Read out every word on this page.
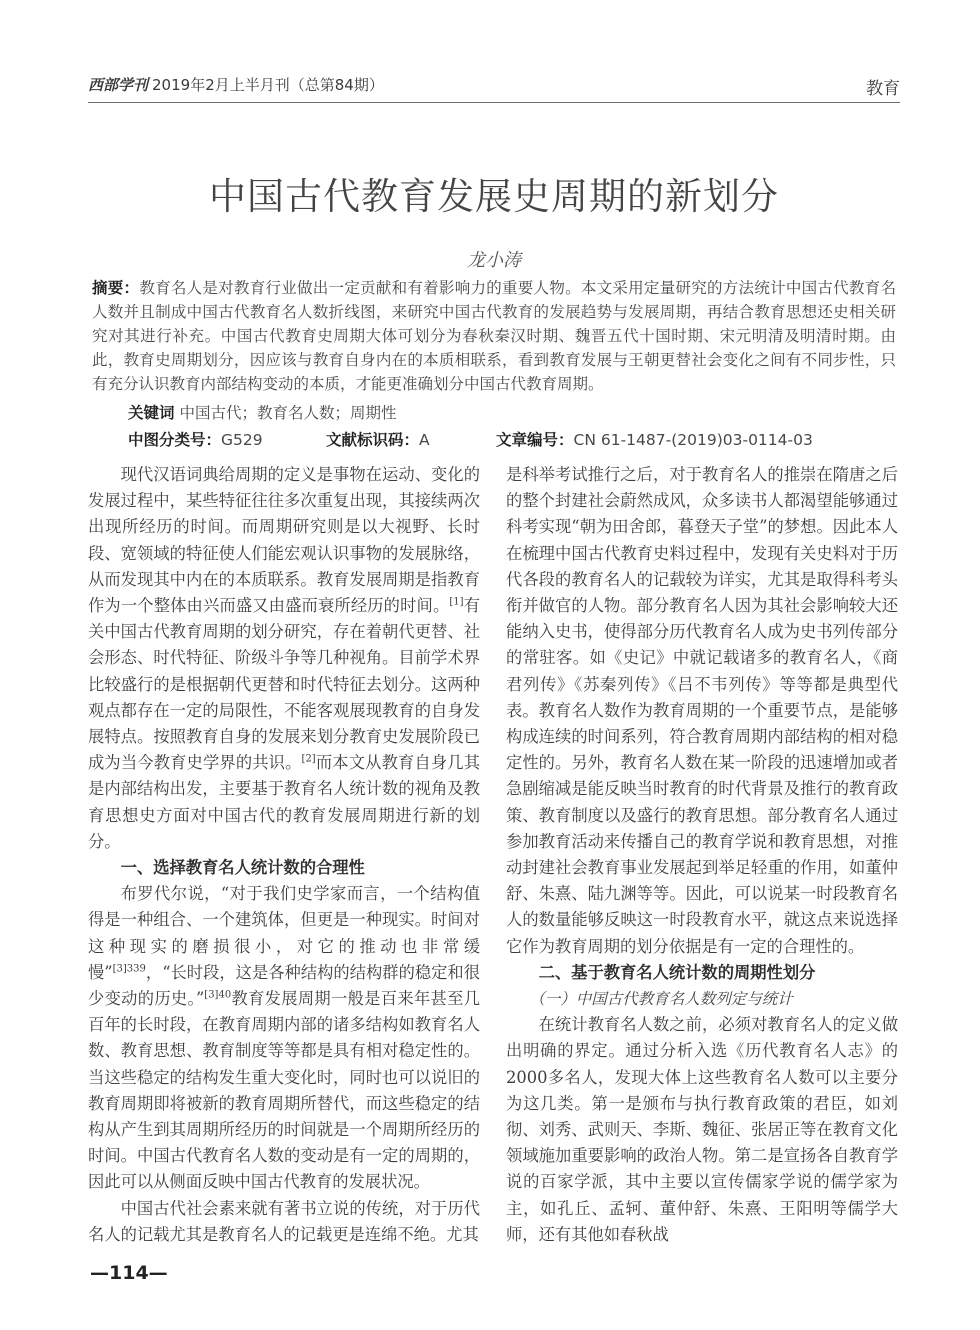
西部学刊 2019年2月上半月刊（总第84期）	教育
中国古代教育发展史周期的新划分
龙小涛
摘要：教育名人是对教育行业做出一定贡献和有着影响力的重要人物。本文采用定量研究的方法统计中国古代教育名人数并且制成中国古代教育名人数折线图，来研究中国古代教育的发展趋势与发展周期，再结合教育思想还史相关研究对其进行补充。中国古代教育史周期大体可划分为春秋秦汉时期、魏晋五代十国时期、宋元明清及明清时期。由此，教育史周期划分，因应该与教育自身内在的本质相联系，看到教育发展与王朝更替社会变化之间有不同步性，只有充分认识教育内部结构变动的本质，才能更准确划分中国古代教育周期。
关键词 中国古代；教育名人数；周期性
中图分类号：G529	文献标识码：A	文章编号：CN 61-1487-(2019)03-0114-03

现代汉语词典给周期的定义是事物在运动、变化的发展过程中，某些特征往往多次重复出现，其接续两次出现所经历的时间。而周期研究则是以大视野、长时段、宽领域的特征使人们能宏观认识事物的发展脉络，从而发现其中内在的本质联系。教育发展周期是指教育作为一个整体由兴而盛又由盛而衰所经历的时间。[1]有关中国古代教育周期的划分研究，存在着朝代更替、社会形态、时代特征、阶级斗争等几种视角。目前学术界比较盛行的是根据朝代更替和时代特征去划分。这两种观点都存在一定的局限性，不能客观展现教育的自身发展特点。按照教育自身的发展来划分教育史发展阶段已成为当今教育史学界的共识。[2]而本文从教育自身几其是内部结构出发，主要基于教育名人统计数的视角及教育思想史方面对中国古代的教育发展周期进行新的划分。

一、选择教育名人统计数的合理性

布罗代尔说，“对于我们史学家而言，一个结构值得是一种组合、一个建筑体，但更是一种现实。时间对这种现实的磨损很小，对它的推动也非常缓慢”$^{[3]339}$，“长时段，这是各种结构的结构群的稳定和很少变动的历史。”$^{[3]40}$教育发展周期一般是百来年甚至几百年的长时段，在教育周期内部的诸多结构如教育名人数、教育思想、教育制度等等都是具有相对稳定性的。当这些稳定的结构发生重大变化时，同时也可以说旧的教育周期即将被新的教育周期所替代，而这些稳定的结构从产生到其周期所经历的时间就是一个周期所经历的时间。中国古代教育名人数的变动是有一定的周期的，因此可以从侧面反映中国古代教育的发展状况。

中国古代社会素来就有著书立说的传统，对于历代名人的记载尤其是教育名人的记载更是连绵不绝。尤其

是科举考试推行之后，对于教育名人的推崇在隋唐之后的整个封建社会蔚然成风，众多读书人都渴望能够通过科考实现“朝为田舍郎，暮登天子堂”的梦想。因此本人在梳理中国古代教育史料过程中，发现有关史料对于历代各段的教育名人的记载较为详实，尤其是取得科考头衔并做官的人物。部分教育名人因为其社会影响较大还能纳入史书，使得部分历代教育名人成为史书列传部分的常驻客。如《史记》中就记载诸多的教育名人，《商君列传》《苏秦列传》《吕不韦列传》等等都是典型代表。教育名人数作为教育周期的一个重要节点，是能够构成连续的时间系列，符合教育周期内部结构的相对稳定性的。另外，教育名人数在某一阶段的迅速增加或者急剧缩减是能反映当时教育的时代背景及推行的教育政策、教育制度以及盛行的教育思想。部分教育名人通过参加教育活动来传播自己的教育学说和教育思想，对推动封建社会教育事业发展起到举足轻重的作用，如董仲舒、朱熹、陆九渊等等。因此，可以说某一时段教育名人的数量能够反映这一时段教育水平，就这点来说选择它作为教育周期的划分依据是有一定的合理性的。

二、基于教育名人统计数的周期性划分
（一）中国古代教育名人数列定与统计

在统计教育名人数之前，必须对教育名人的定义做出明确的界定。通过分析入选《历代教育名人志》的2000多名人，发现大体上这些教育名人数可以主要分为这几类。第一是颁布与执行教育政策的君臣，如刘彻、刘秀、武则天、李斯、魏征、张居正等在教育文化领域施加重要影响的政治人物。第二是宣扬各自教育学说的百家学派，其中主要以宣传儒家学说的儒学家为主，如孔丘、孟轲、董仲舒、朱熹、王阳明等儒学大师，还有其他如春秋战

—114—
